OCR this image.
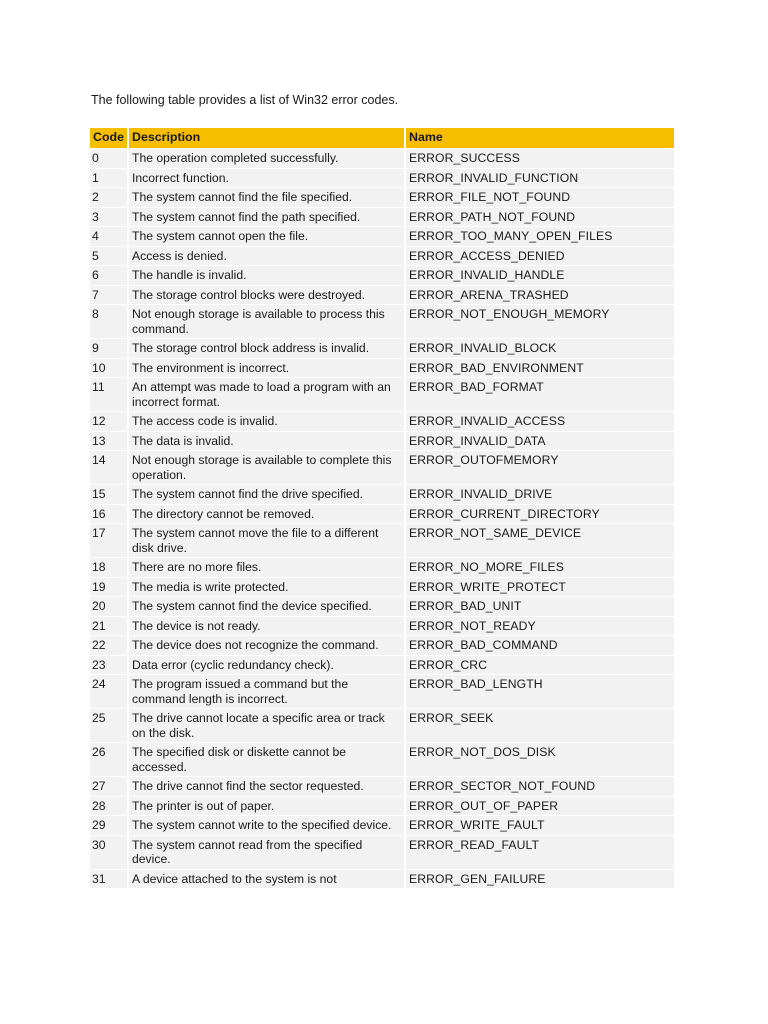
The following table provides a list of Win32 error codes.

Code	Description	Name
0	The operation completed successfully.	ERROR_SUCCESS
1	Incorrect function.	ERROR_INVALID_FUNCTION
2	The system cannot find the file specified.	ERROR_FILE_NOT_FOUND
3	The system cannot find the path specified.	ERROR_PATH_NOT_FOUND
4	The system cannot open the file.	ERROR_TOO_MANY_OPEN_FILES
5	Access is denied.	ERROR_ACCESS_DENIED
6	The handle is invalid.	ERROR_INVALID_HANDLE
7	The storage control blocks were destroyed.	ERROR_ARENA_TRASHED
8	Not enough storage is available to process this command.	ERROR_NOT_ENOUGH_MEMORY
9	The storage control block address is invalid.	ERROR_INVALID_BLOCK
10	The environment is incorrect.	ERROR_BAD_ENVIRONMENT
11	An attempt was made to load a program with an incorrect format.	ERROR_BAD_FORMAT
12	The access code is invalid.	ERROR_INVALID_ACCESS
13	The data is invalid.	ERROR_INVALID_DATA
14	Not enough storage is available to complete this operation.	ERROR_OUTOFMEMORY
15	The system cannot find the drive specified.	ERROR_INVALID_DRIVE
16	The directory cannot be removed.	ERROR_CURRENT_DIRECTORY
17	The system cannot move the file to a different disk drive.	ERROR_NOT_SAME_DEVICE
18	There are no more files.	ERROR_NO_MORE_FILES
19	The media is write protected.	ERROR_WRITE_PROTECT
20	The system cannot find the device specified.	ERROR_BAD_UNIT
21	The device is not ready.	ERROR_NOT_READY
22	The device does not recognize the command.	ERROR_BAD_COMMAND
23	Data error (cyclic redundancy check).	ERROR_CRC
24	The program issued a command but the command length is incorrect.	ERROR_BAD_LENGTH
25	The drive cannot locate a specific area or track on the disk.	ERROR_SEEK
26	The specified disk or diskette cannot be accessed.	ERROR_NOT_DOS_DISK
27	The drive cannot find the sector requested.	ERROR_SECTOR_NOT_FOUND
28	The printer is out of paper.	ERROR_OUT_OF_PAPER
29	The system cannot write to the specified device.	ERROR_WRITE_FAULT
30	The system cannot read from the specified device.	ERROR_READ_FAULT
31	A device attached to the system is not	ERROR_GEN_FAILURE
